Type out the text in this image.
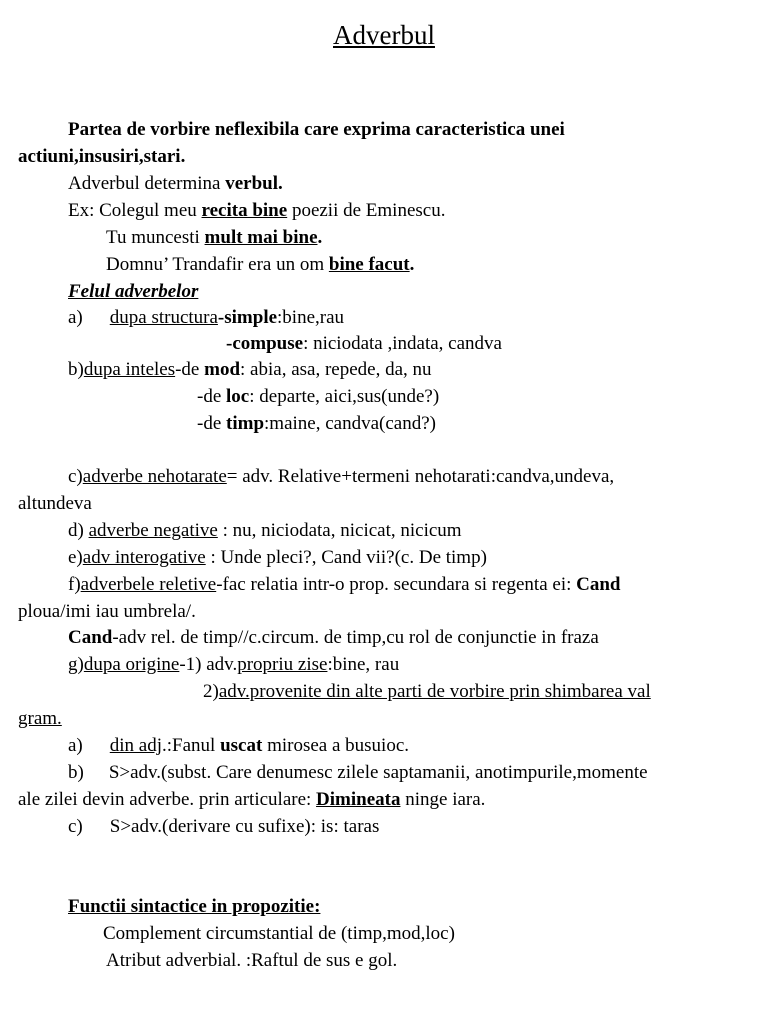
Adverbul
Partea de vorbire neflexibila care exprima caracteristica unei
actiuni,insusiri,stari.
Adverbul determina verbul.
Ex: Colegul meu recita bine poezii de Eminescu.
Tu muncesti mult mai bine.
Domnu’ Trandafir era un om bine facut.
Felul adverbelor
a) dupa structura-simple:bine,rau
-compuse: niciodata ,indata, candva
b)dupa inteles-de mod: abia, asa, repede, da, nu
-de loc: departe, aici,sus(unde?)
-de timp:maine, candva(cand?)
c)adverbe nehotarate= adv. Relative+termeni nehotarati:candva,undeva,
altundeva
d) adverbe negative : nu, niciodata, nicicat, nicicum
e)adv interogative : Unde pleci?, Cand vii?(c. De timp)
f)adverbele reletive-fac relatia intr-o prop. secundara si regenta ei: Cand
ploua/imi iau umbrela/.
Cand-adv rel. de timp//c.circum. de timp,cu rol de conjunctie in fraza
g)dupa origine-1) adv.propriu zise:bine, rau
2)adv.provenite din alte parti de vorbire prin shimbarea val
gram.
a) din adj.:Fanul uscat mirosea a busuioc.
b) S>adv.(subst. Care denumesc zilele saptamanii, anotimpurile,momente
ale zilei devin adverbe. prin articulare: Dimineata ninge iara.
c) S>adv.(derivare cu sufixe): is: taras
Functii sintactice in propozitie:
Complement circumstantial de (timp,mod,loc)
Atribut adverbial. :Raftul de sus e gol.
